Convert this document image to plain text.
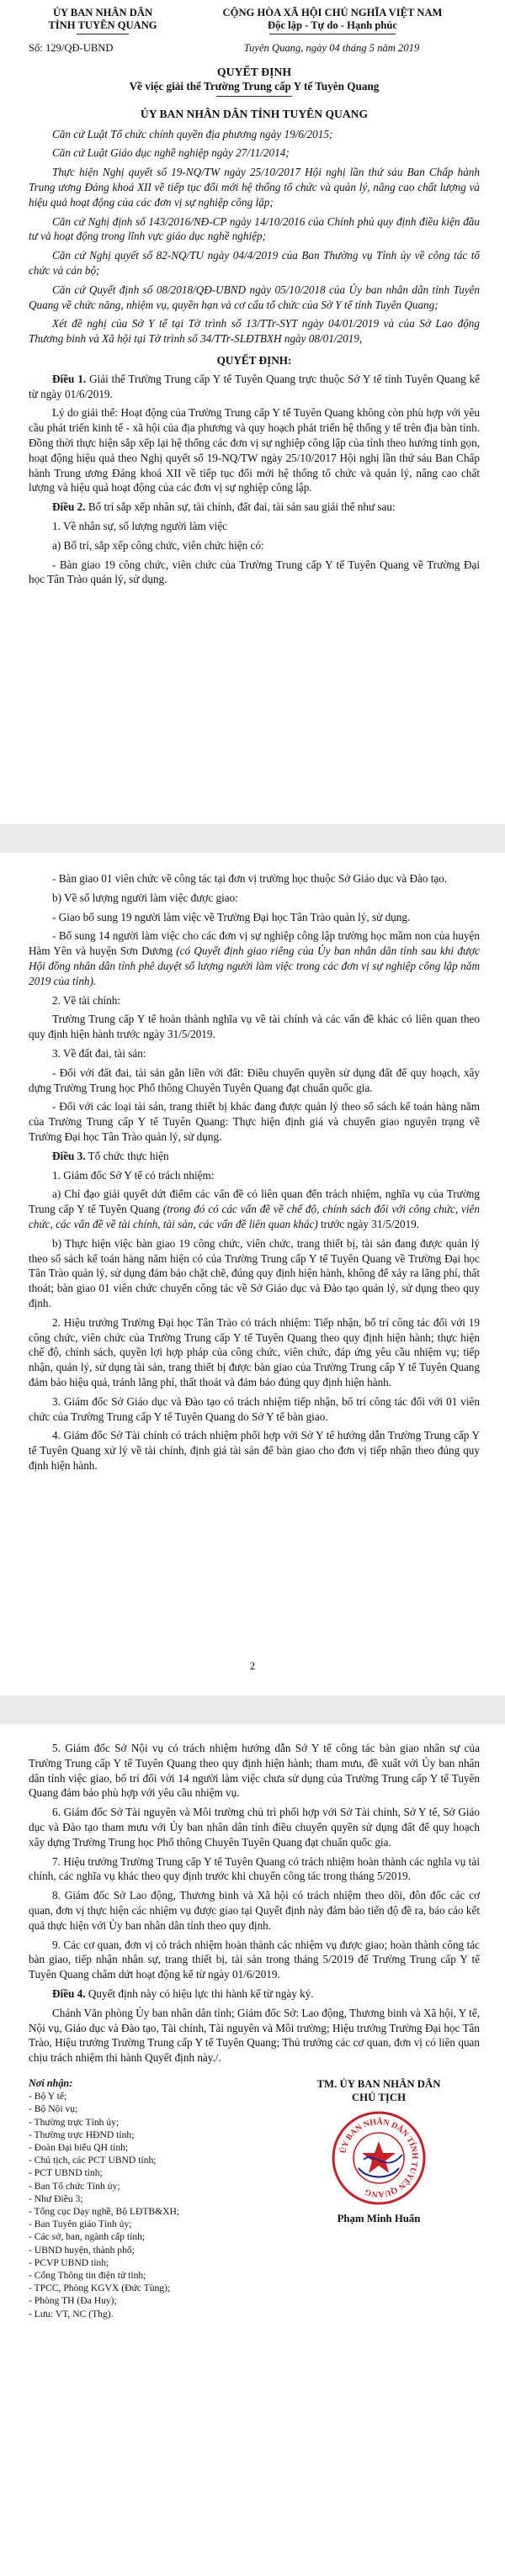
ỦY BAN NHÂN DÂN
TỈNH TUYÊN QUANG
CỘNG HÒA XÃ HỘI CHỦ NGHĨA VIỆT NAM
Độc lập - Tự do - Hạnh phúc
Số: 129/QĐ-UBND	Tuyên Quang, ngày 04 tháng 5 năm 2019
QUYẾT ĐỊNH
Về việc giải thể Trường Trung cấp Y tế Tuyên Quang
ỦY BAN NHÂN DÂN TỈNH TUYÊN QUANG

Căn cứ Luật Tổ chức chính quyền địa phương ngày 19/6/2015;

Căn cứ Luật Giáo dục nghề nghiệp ngày 27/11/2014;

Thực hiện Nghị quyết số 19-NQ/TW ngày 25/10/2017 Hội nghị lần thứ sáu Ban Chấp hành Trung ương Đảng khoá XII về tiếp tục đổi mới hệ thống tổ chức và quản lý, nâng cao chất lượng và hiệu quả hoạt động của các đơn vị sự nghiệp công lập;

Căn cứ Nghị định số 143/2016/NĐ-CP ngày 14/10/2016 của Chính phủ quy định điều kiện đầu tư và hoạt động trong lĩnh vực giáo dục nghề nghiệp;

Căn cứ Nghị quyết số 82-NQ/TU ngày 04/4/2019 của Ban Thường vụ Tỉnh ủy về công tác tổ chức và cán bộ;

Căn cứ Quyết định số 08/2018/QĐ-UBND ngày 05/10/2018 của Ủy ban nhân dân tỉnh Tuyên Quang về chức năng, nhiệm vụ, quyền hạn và cơ cấu tổ chức của Sở Y tế tỉnh Tuyên Quang;

Xét đề nghị của Sở Y tế tại Tờ trình số 13/TTr-SYT ngày 04/01/2019 và của Sở Lao động Thương binh và Xã hội tại Tờ trình số 34/TTr-SLĐTBXH ngày 08/01/2019,

QUYẾT ĐỊNH:

Điều 1. Giải thể Trường Trung cấp Y tế Tuyên Quang trực thuộc Sở Y tế tỉnh Tuyên Quang kể từ ngày 01/6/2019.

Lý do giải thể: Hoạt động của Trường Trung cấp Y tế Tuyên Quang không còn phù hợp với yêu cầu phát triển kinh tế - xã hội của địa phương và quy hoạch phát triển hệ thống y tế trên địa bàn tỉnh. Đồng thời thực hiện sắp xếp lại hệ thống các đơn vị sự nghiệp công lập của tỉnh theo hướng tinh gọn, hoạt động hiệu quả theo Nghị quyết số 19-NQ/TW ngày 25/10/2017 Hội nghị lần thứ sáu Ban Chấp hành Trung ương Đảng khoá XII về tiếp tục đổi mới hệ thống tổ chức và quản lý, nâng cao chất lượng và hiệu quả hoạt động của các đơn vị sự nghiệp công lập.

Điều 2. Bố trí sắp xếp nhân sự, tài chính, đất đai, tài sản sau giải thể như sau:

1. Về nhân sự, số lượng người làm việc

a) Bố trí, sắp xếp công chức, viên chức hiện có:

- Bàn giao 19 công chức, viên chức của Trường Trung cấp Y tế Tuyên Quang về Trường Đại học Tân Trào quản lý, sử dụng.

- Bàn giao 01 viên chức về công tác tại đơn vị trường học thuộc Sở Giáo dục và Đào tạo.

b) Về số lượng người làm việc được giao:

- Giao bổ sung 19 người làm việc về Trường Đại học Tân Trào quản lý, sử dụng.

- Bổ sung 14 người làm việc cho các đơn vị sự nghiệp công lập trường học mầm non của huyện Hàm Yên và huyện Sơn Dương (có Quyết định giao riêng của Ủy ban nhân dân tỉnh sau khi được Hội đồng nhân dân tỉnh phê duyệt số lượng người làm việc trong các đơn vị sự nghiệp công lập năm 2019 của tỉnh).

2. Về tài chính:

Trường Trung cấp Y tế hoàn thành nghĩa vụ về tài chính và các vấn đề khác có liên quan theo quy định hiện hành trước ngày 31/5/2019.

3. Về đất đai, tài sản:

- Đối với đất đai, tài sản gắn liền với đất: Điều chuyển quyền sử dụng đất để quy hoạch, xây dựng Trường Trung học Phổ thông Chuyên Tuyên Quang đạt chuẩn quốc gia.

- Đối với các loại tài sản, trang thiết bị khác đang được quản lý theo sổ sách kế toán hàng năm của Trường Trung cấp Y tế Tuyên Quang: Thực hiện định giá và chuyển giao nguyên trạng về Trường Đại học Tân Trào quản lý, sử dụng.

Điều 3. Tổ chức thực hiện

1. Giám đốc Sở Y tế có trách nhiệm:

a) Chỉ đạo giải quyết dứt điểm các vấn đề có liên quan đến trách nhiệm, nghĩa vụ của Trường Trung cấp Y tế Tuyên Quang (trong đó có các vấn đề về chế độ, chính sách đối với công chức, viên chức, các vấn đề về tài chính, tài sản, các vấn đề liên quan khác) trước ngày 31/5/2019.

b) Thực hiện việc bàn giao 19 công chức, viên chức, trang thiết bị, tài sản đang được quản lý theo sổ sách kế toán hàng năm hiện có của Trường Trung cấp Y tế Tuyên Quang về Trường Đại học Tân Trào quản lý, sử dụng đảm bảo chặt chẽ, đúng quy định hiện hành, không để xảy ra lãng phí, thất thoát; bàn giao 01 viên chức chuyển công tác về Sở Giáo dục và Đào tạo quản lý, sử dụng theo quy định.

2. Hiệu trưởng Trường Đại học Tân Trào có trách nhiệm: Tiếp nhận, bố trí công tác đối với 19 công chức, viên chức của Trường Trung cấp Y tế Tuyên Quang theo quy định hiện hành; thực hiện chế độ, chính sách, quyền lợi hợp pháp của công chức, viên chức, đáp ứng yêu cầu nhiệm vụ; tiếp nhận, quản lý, sử dụng tài sản, trang thiết bị được bàn giao của Trường Trung cấp Y tế Tuyên Quang đảm bảo hiệu quả, tránh lãng phí, thất thoát và đảm bảo đúng quy định hiện hành.

3. Giám đốc Sở Giáo dục và Đào tạo có trách nhiệm tiếp nhận, bố trí công tác đối với 01 viên chức của Trường Trung cấp Y tế Tuyên Quang do Sở Y tế bàn giao.

4. Giám đốc Sở Tài chính có trách nhiệm phối hợp với Sở Y tế hướng dẫn Trường Trung cấp Y tế Tuyên Quang xử lý về tài chính, định giá tài sản để bàn giao cho đơn vị tiếp nhận theo đúng quy định hiện hành.

2

5. Giám đốc Sở Nội vụ có trách nhiệm hướng dẫn Sở Y tế công tác bàn giao nhân sự của Trường Trung cấp Y tế Tuyên Quang theo quy định hiện hành; tham mưu, đề xuất với Ủy ban nhân dân tỉnh việc giao, bố trí đối với 14 người làm việc chưa sử dụng của Trường Trung cấp Y tế Tuyên Quang đảm bảo phù hợp với yêu cầu nhiệm vụ.

6. Giám đốc Sở Tài nguyên và Môi trường chủ trì phối hợp với Sở Tài chính, Sở Y tế, Sở Giáo dục và Đào tạo tham mưu với Ủy ban nhân dân tỉnh điều chuyển quyền sử dụng đất để quy hoạch xây dựng Trường Trung học Phổ thông Chuyên Tuyên Quang đạt chuẩn quốc gia.

7. Hiệu trưởng Trường Trung cấp Y tế Tuyên Quang có trách nhiệm hoàn thành các nghĩa vụ tài chính, các nghĩa vụ khác theo quy định trước khi chuyển công tác trong tháng 5/2019.

8. Giám đốc Sở Lao động, Thương binh và Xã hội có trách nhiệm theo dõi, đôn đốc các cơ quan, đơn vị thực hiện các nhiệm vụ được giao tại Quyết định này đảm bảo tiến độ đề ra, báo cáo kết quả thực hiện với Ủy ban nhân dân tỉnh theo quy định.

9. Các cơ quan, đơn vị có trách nhiệm hoàn thành các nhiệm vụ được giao; hoàn thành công tác bàn giao, tiếp nhận nhân sự, trang thiết bị, tài sản trong tháng 5/2019 để Trường Trung cấp Y tế Tuyên Quang chấm dứt hoạt động kể từ ngày 01/6/2019.

Điều 4. Quyết định này có hiệu lực thi hành kể từ ngày ký.

Chánh Văn phòng Ủy ban nhân dân tỉnh; Giám đốc Sở: Lao động, Thương binh và Xã hội, Y tế, Nội vụ, Giáo dục và Đào tạo, Tài chính, Tài nguyên và Môi trường; Hiệu trưởng Trường Đại học Tân Trào, Hiệu trưởng Trường Trung cấp Y tế Tuyên Quang; Thủ trưởng các cơ quan, đơn vị có liên quan chịu trách nhiệm thi hành Quyết định này./.

Nơi nhận:
- Bộ Y tế;
- Bộ Nội vụ;
- Thường trực Tỉnh ủy;
- Thường trực HĐND tỉnh;
- Đoàn Đại biểu QH tỉnh;
- Chủ tịch, các PCT UBND tỉnh;
- PCT UBND tỉnh;
- Ban Tổ chức Tỉnh ủy;
- Như Điều 3;
- Tổng cục Dạy nghề, Bộ LĐTB&XH;
- Ban Tuyên giáo Tỉnh ủy;
- Các sở, ban, ngành cấp tỉnh;
- UBND huyện, thành phố;
- PCVP UBND tỉnh;
- Cổng Thông tin điện tử tỉnh;
- TPCC, Phòng KGVX (Đức Tùng);
- Phòng TH (Đa Huy);
- Lưu: VT, NC (Thg).
TM. ỦY BAN NHÂN DÂN
CHỦ TỊCH
ỦY BAN NHÂN DÂN TỈNH TUYÊN QUANG
Phạm Minh Huấn
